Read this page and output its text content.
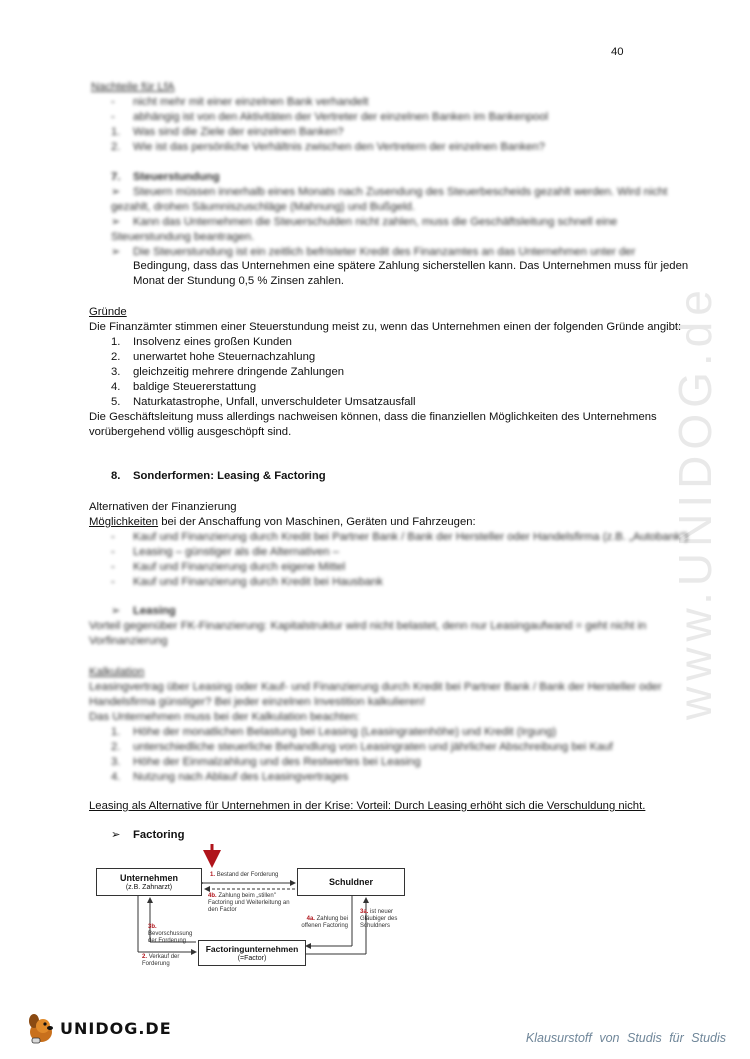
www.UNIDOG.de
40
Nachteile für LfA
- nicht mehr mit einer einzelnen Bank verhandelt
- abhängig ist von den Aktivitäten der Vertreter der einzelnen Banken im Bankenpool
1. Was sind die Ziele der einzelnen Banken?
2. Wie ist das persönliche Verhältnis zwischen den Vertretern der einzelnen Banken?
7. Steuerstundung
➢ Steuern müssen innerhalb eines Monats nach Zusendung des Steuerbescheids gezahlt werden. Wird nicht gezahlt, drohen Säumniszuschläge (Mahnung) und Bußgeld.
➢ Kann das Unternehmen die Steuerschulden nicht zahlen, muss die Geschäftsleitung schnell eine Steuerstundung beantragen.
➢ Die Steuerstundung ist ein zeitlich befristeter Kredit des Finanzamtes an das Unternehmen unter der
Bedingung, dass das Unternehmen eine spätere Zahlung sicherstellen kann. Das Unternehmen muss für jeden
Monat der Stundung 0,5 % Zinsen zahlen.
Gründe
Die Finanzämter stimmen einer Steuerstundung meist zu, wenn das Unternehmen einen der folgenden Gründe angibt:
1. Insolvenz eines großen Kunden
2. unerwartet hohe Steuernachzahlung
3. gleichzeitig mehrere dringende Zahlungen
4. baldige Steuererstattung
5. Naturkatastrophe, Unfall, unverschuldeter Umsatzausfall
Die Geschäftsleitung muss allerdings nachweisen können, dass die finanziellen Möglichkeiten des Unternehmens
vorübergehend völlig ausgeschöpft sind.
8. Sonderformen: Leasing & Factoring
Alternativen der Finanzierung
Möglichkeiten bei der Anschaffung von Maschinen, Geräten und Fahrzeugen:
- Kauf und Finanzierung durch Kredit bei Partner Bank / Bank der Hersteller oder Handelsfirma (z.B. „Autobank")
- Leasing – günstiger als die Alternativen –
- Kauf und Finanzierung durch eigene Mittel
- Kauf und Finanzierung durch Kredit bei Hausbank
➢ Leasing
Vorteil gegenüber FK-Finanzierung: Kapitalstruktur wird nicht belastet, denn nur Leasingaufwand = geht nicht in Vorfinanzierung
Kalkulation
Leasingvertrag über Leasing oder Kauf- und Finanzierung durch Kredit bei Partner Bank / Bank der Hersteller oder Handelsfirma günstiger? Bei jeder einzelnen Investition kalkulieren!
Das Unternehmen muss bei der Kalkulation beachten:
1. Höhe der monatlichen Belastung bei Leasing (Leasingratenhöhe) und Kredit (Irgung)
2. unterschiedliche steuerliche Behandlung von Leasingraten und jährlicher Abschreibung bei Kauf
3. Höhe der Einmalzahlung und des Restwertes bei Leasing
4. Nutzung nach Ablauf des Leasingvertrages
Leasing als Alternative für Unternehmen in der Krise: Vorteil: Durch Leasing erhöht sich die Verschuldung nicht.
➢ Factoring
Unternehmen
(z.B. Zahnarzt)
Schuldner
Factoringunternehmen
(=Factor)
1. Bestand der Forderung
4b. Zahlung beim „stillen" Factoring und Weiterleitung an den Factor
4a. Zahlung bei offenen Factoring
3a. ist neuer Gläubiger des Schuldners
3b. Bevorschussung der Forderung
2. Verkauf der Forderung
UNIDOG.DE
Klausurstoff von Studis für Studis
